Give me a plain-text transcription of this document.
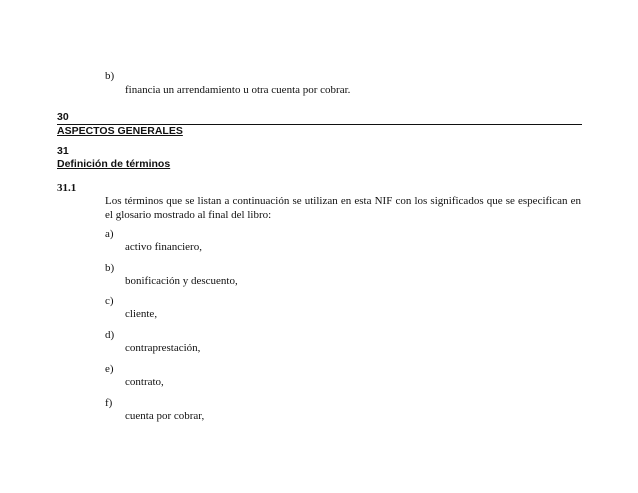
b)
financia un arrendamiento u otra cuenta por cobrar.
30
ASPECTOS GENERALES
31
Definición de términos
31.1
Los términos que se listan a continuación se utilizan en esta NIF con los significados que se especifican en el glosario mostrado al final del libro:
a)
activo financiero,
b)
bonificación y descuento,
c)
cliente,
d)
contraprestación,
e)
contrato,
f)
cuenta por cobrar,
